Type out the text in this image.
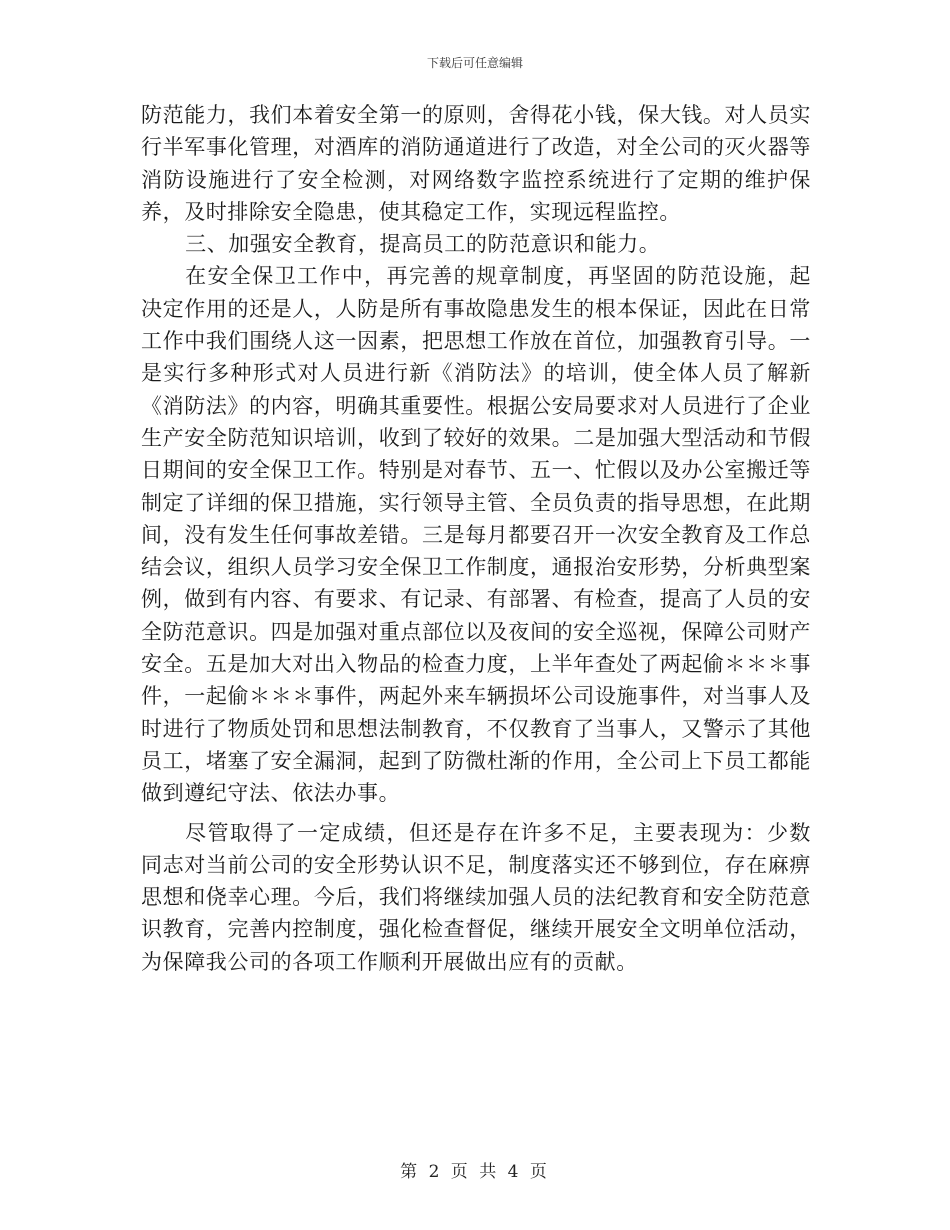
下载后可任意编辑

防范能力，我们本着安全第一的原则，舍得花小钱，保大钱。对人员实行半军事化管理，对酒库的消防通道进行了改造，对全公司的灭火器等消防设施进行了安全检测，对网络数字监控系统进行了定期的维护保养，及时排除安全隐患，使其稳定工作，实现远程监控。

三、加强安全教育，提高员工的防范意识和能力。

在安全保卫工作中，再完善的规章制度，再坚固的防范设施，起决定作用的还是人，人防是所有事故隐患发生的根本保证，因此在日常工作中我们围绕人这一因素，把思想工作放在首位，加强教育引导。一是实行多种形式对人员进行新《消防法》的培训，使全体人员了解新《消防法》的内容，明确其重要性。根据公安局要求对人员进行了企业生产安全防范知识培训，收到了较好的效果。二是加强大型活动和节假日期间的安全保卫工作。特别是对春节、五一、忙假以及办公室搬迁等制定了详细的保卫措施，实行领导主管、全员负责的指导思想，在此期间，没有发生任何事故差错。三是每月都要召开一次安全教育及工作总结会议，组织人员学习安全保卫工作制度，通报治安形势，分析典型案例，做到有内容、有要求、有记录、有部署、有检查，提高了人员的安全防范意识。四是加强对重点部位以及夜间的安全巡视，保障公司财产安全。五是加大对出入物品的检查力度，上半年查处了两起偷＊＊＊事件，一起偷＊＊＊事件，两起外来车辆损坏公司设施事件，对当事人及时进行了物质处罚和思想法制教育，不仅教育了当事人，又警示了其他员工，堵塞了安全漏洞，起到了防微杜渐的作用，全公司上下员工都能做到遵纪守法、依法办事。

尽管取得了一定成绩，但还是存在许多不足，主要表现为：少数同志对当前公司的安全形势认识不足，制度落实还不够到位，存在麻痹思想和侥幸心理。今后，我们将继续加强人员的法纪教育和安全防范意识教育，完善内控制度，强化检查督促，继续开展安全文明单位活动，为保障我公司的各项工作顺利开展做出应有的贡献。

第 2 页 共 4 页
